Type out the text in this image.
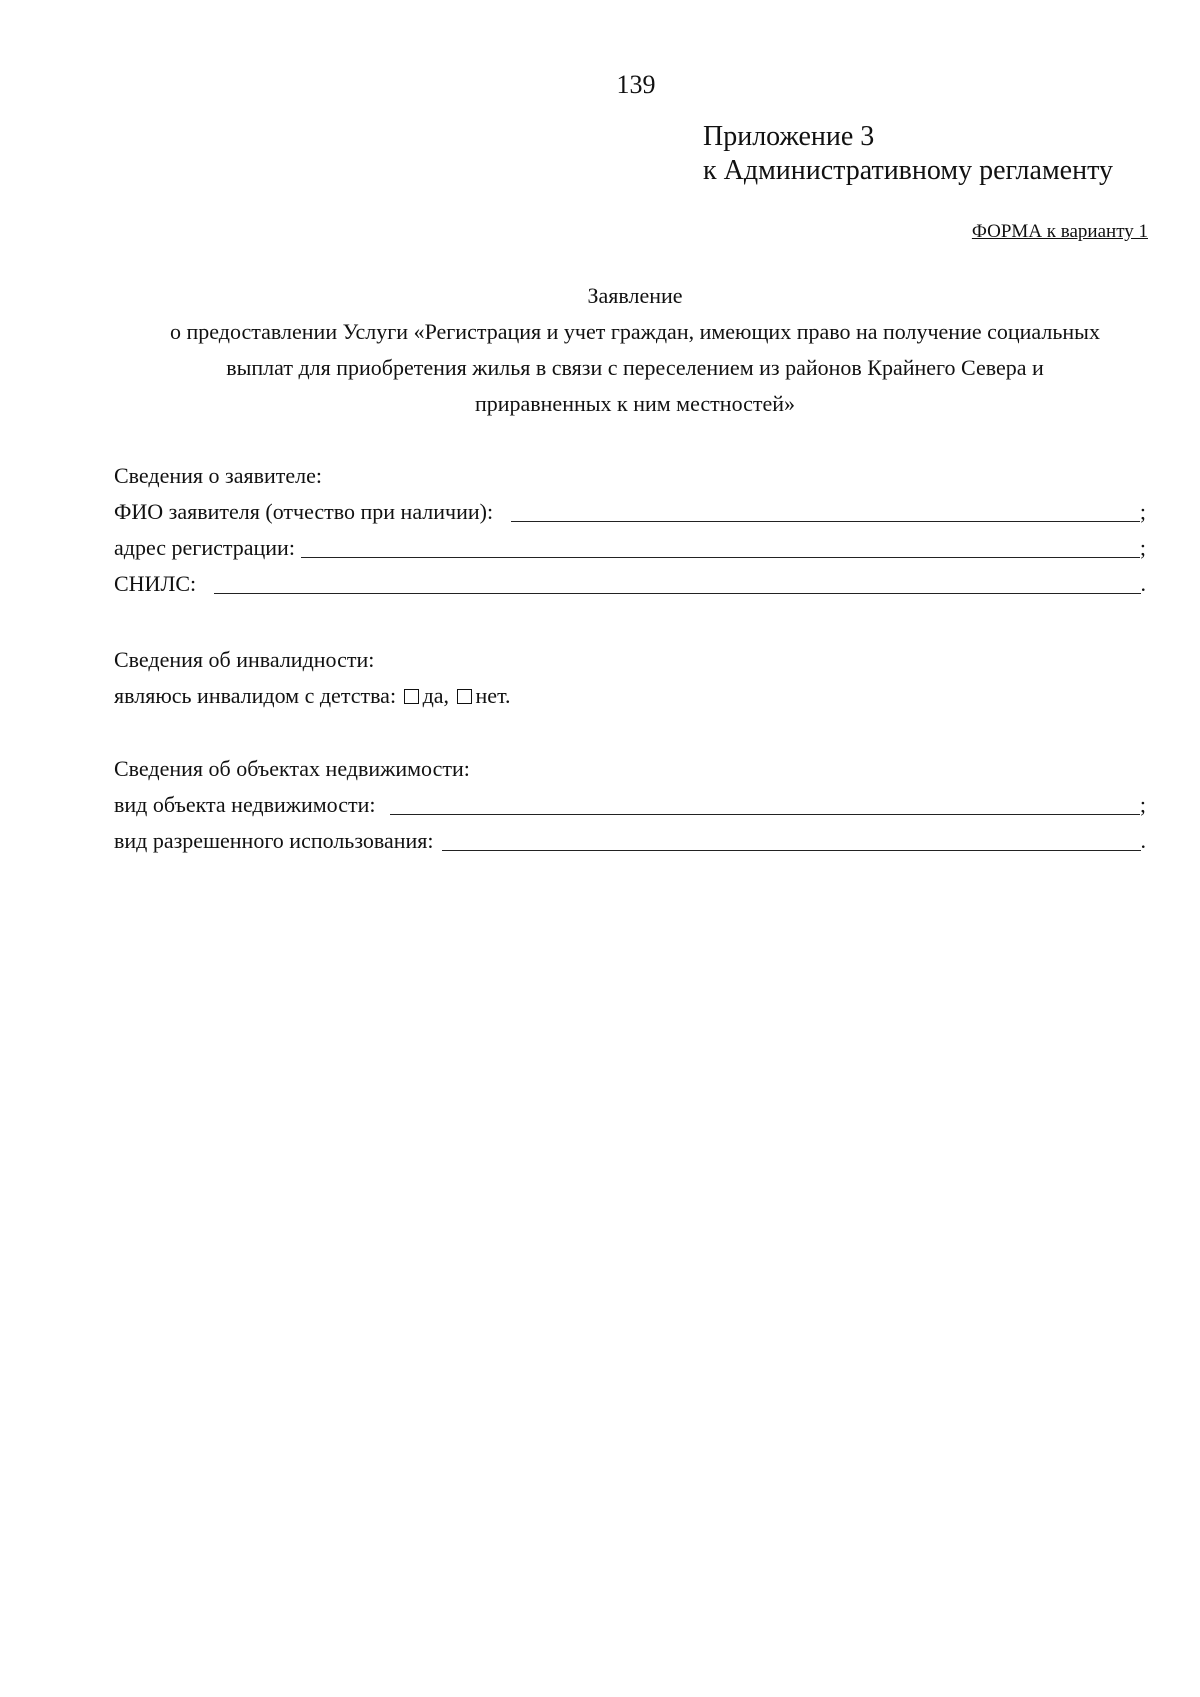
139
Приложение 3
к Административному регламенту
ФОРМА к варианту 1
Заявление
о предоставлении Услуги «Регистрация и учет граждан, имеющих право на получение социальных
выплат для приобретения жилья в связи с переселением из районов Крайнего Севера и
приравненных к ним местностей»
Сведения о заявителе:
ФИО заявителя (отчество при наличии):	;
адрес регистрации:	;
СНИЛС:	.
Сведения об инвалидности:
являюсь инвалидом с детства: да, нет.
Сведения об объектах недвижимости:
вид объекта недвижимости:	;
вид разрешенного использования:	.
